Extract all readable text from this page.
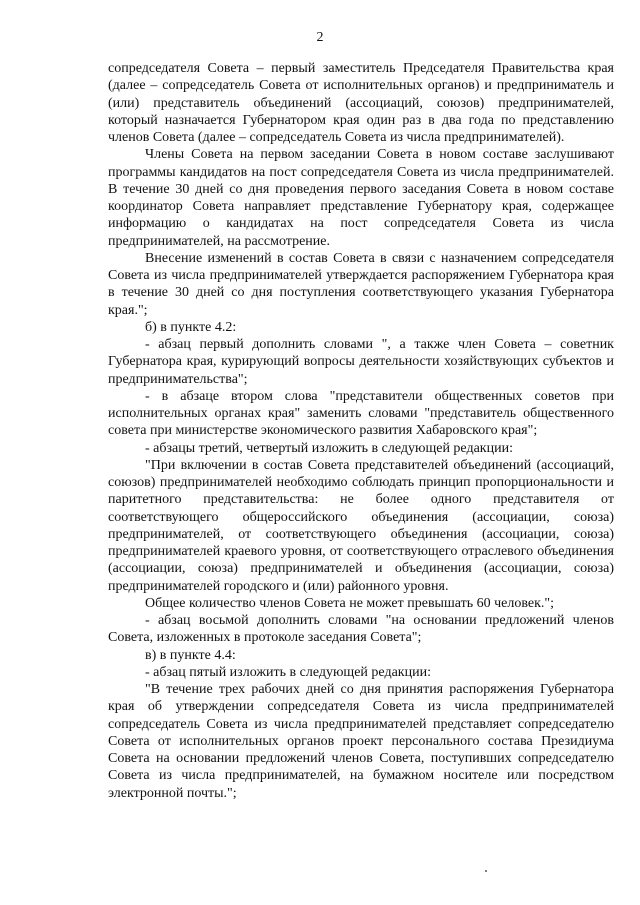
2

сопредседателя Совета – первый заместитель Председателя Правительства края (далее – сопредседатель Совета от исполнительных органов) и предприниматель и (или) представитель объединений (ассоциаций, союзов) предпринимателей, который назначается Губернатором края один раз в два года по представлению членов Совета (далее – сопредседатель Совета из числа предпринимателей).

Члены Совета на первом заседании Совета в новом составе заслушивают программы кандидатов на пост сопредседателя Совета из числа предпринимателей. В течение 30 дней со дня проведения первого заседания Совета в новом составе координатор Совета направляет представление Губернатору края, содержащее информацию о кандидатах на пост сопредседателя Совета из числа предпринимателей, на рассмотрение.

Внесение изменений в состав Совета в связи с назначением сопредседателя Совета из числа предпринимателей утверждается распоряжением Губернатора края в течение 30 дней со дня поступления соответствующего указания Губернатора края.";

б) в пункте 4.2:

- абзац первый дополнить словами ", а также член Совета – советник Губернатора края, курирующий вопросы деятельности хозяйствующих субъектов и предпринимательства";

- в абзаце втором слова "представители общественных советов при исполнительных органах края" заменить словами "представитель общественного совета при министерстве экономического развития Хабаровского края";

- абзацы третий, четвертый изложить в следующей редакции:

"При включении в состав Совета представителей объединений (ассоциаций, союзов) предпринимателей необходимо соблюдать принцип пропорциональности и паритетного представительства: не более одного представителя от соответствующего общероссийского объединения (ассоциации, союза) предпринимателей, от соответствующего объединения (ассоциации, союза) предпринимателей краевого уровня, от соответствующего отраслевого объединения (ассоциации, союза) предпринимателей и объединения (ассоциации, союза) предпринимателей городского и (или) районного уровня.

Общее количество членов Совета не может превышать 60 человек.";

- абзац восьмой дополнить словами "на основании предложений членов Совета, изложенных в протоколе заседания Совета";

в) в пункте 4.4:

- абзац пятый изложить в следующей редакции:

"В течение трех рабочих дней со дня принятия распоряжения Губернатора края об утверждении сопредседателя Совета из числа предпринимателей сопредседатель Совета из числа предпринимателей представляет сопредседателю Совета от исполнительных органов проект персонального состава Президиума Совета на основании предложений членов Совета, поступивших сопредседателю Совета из числа предпринимателей, на бумажном носителе или посредством электронной почты.";
